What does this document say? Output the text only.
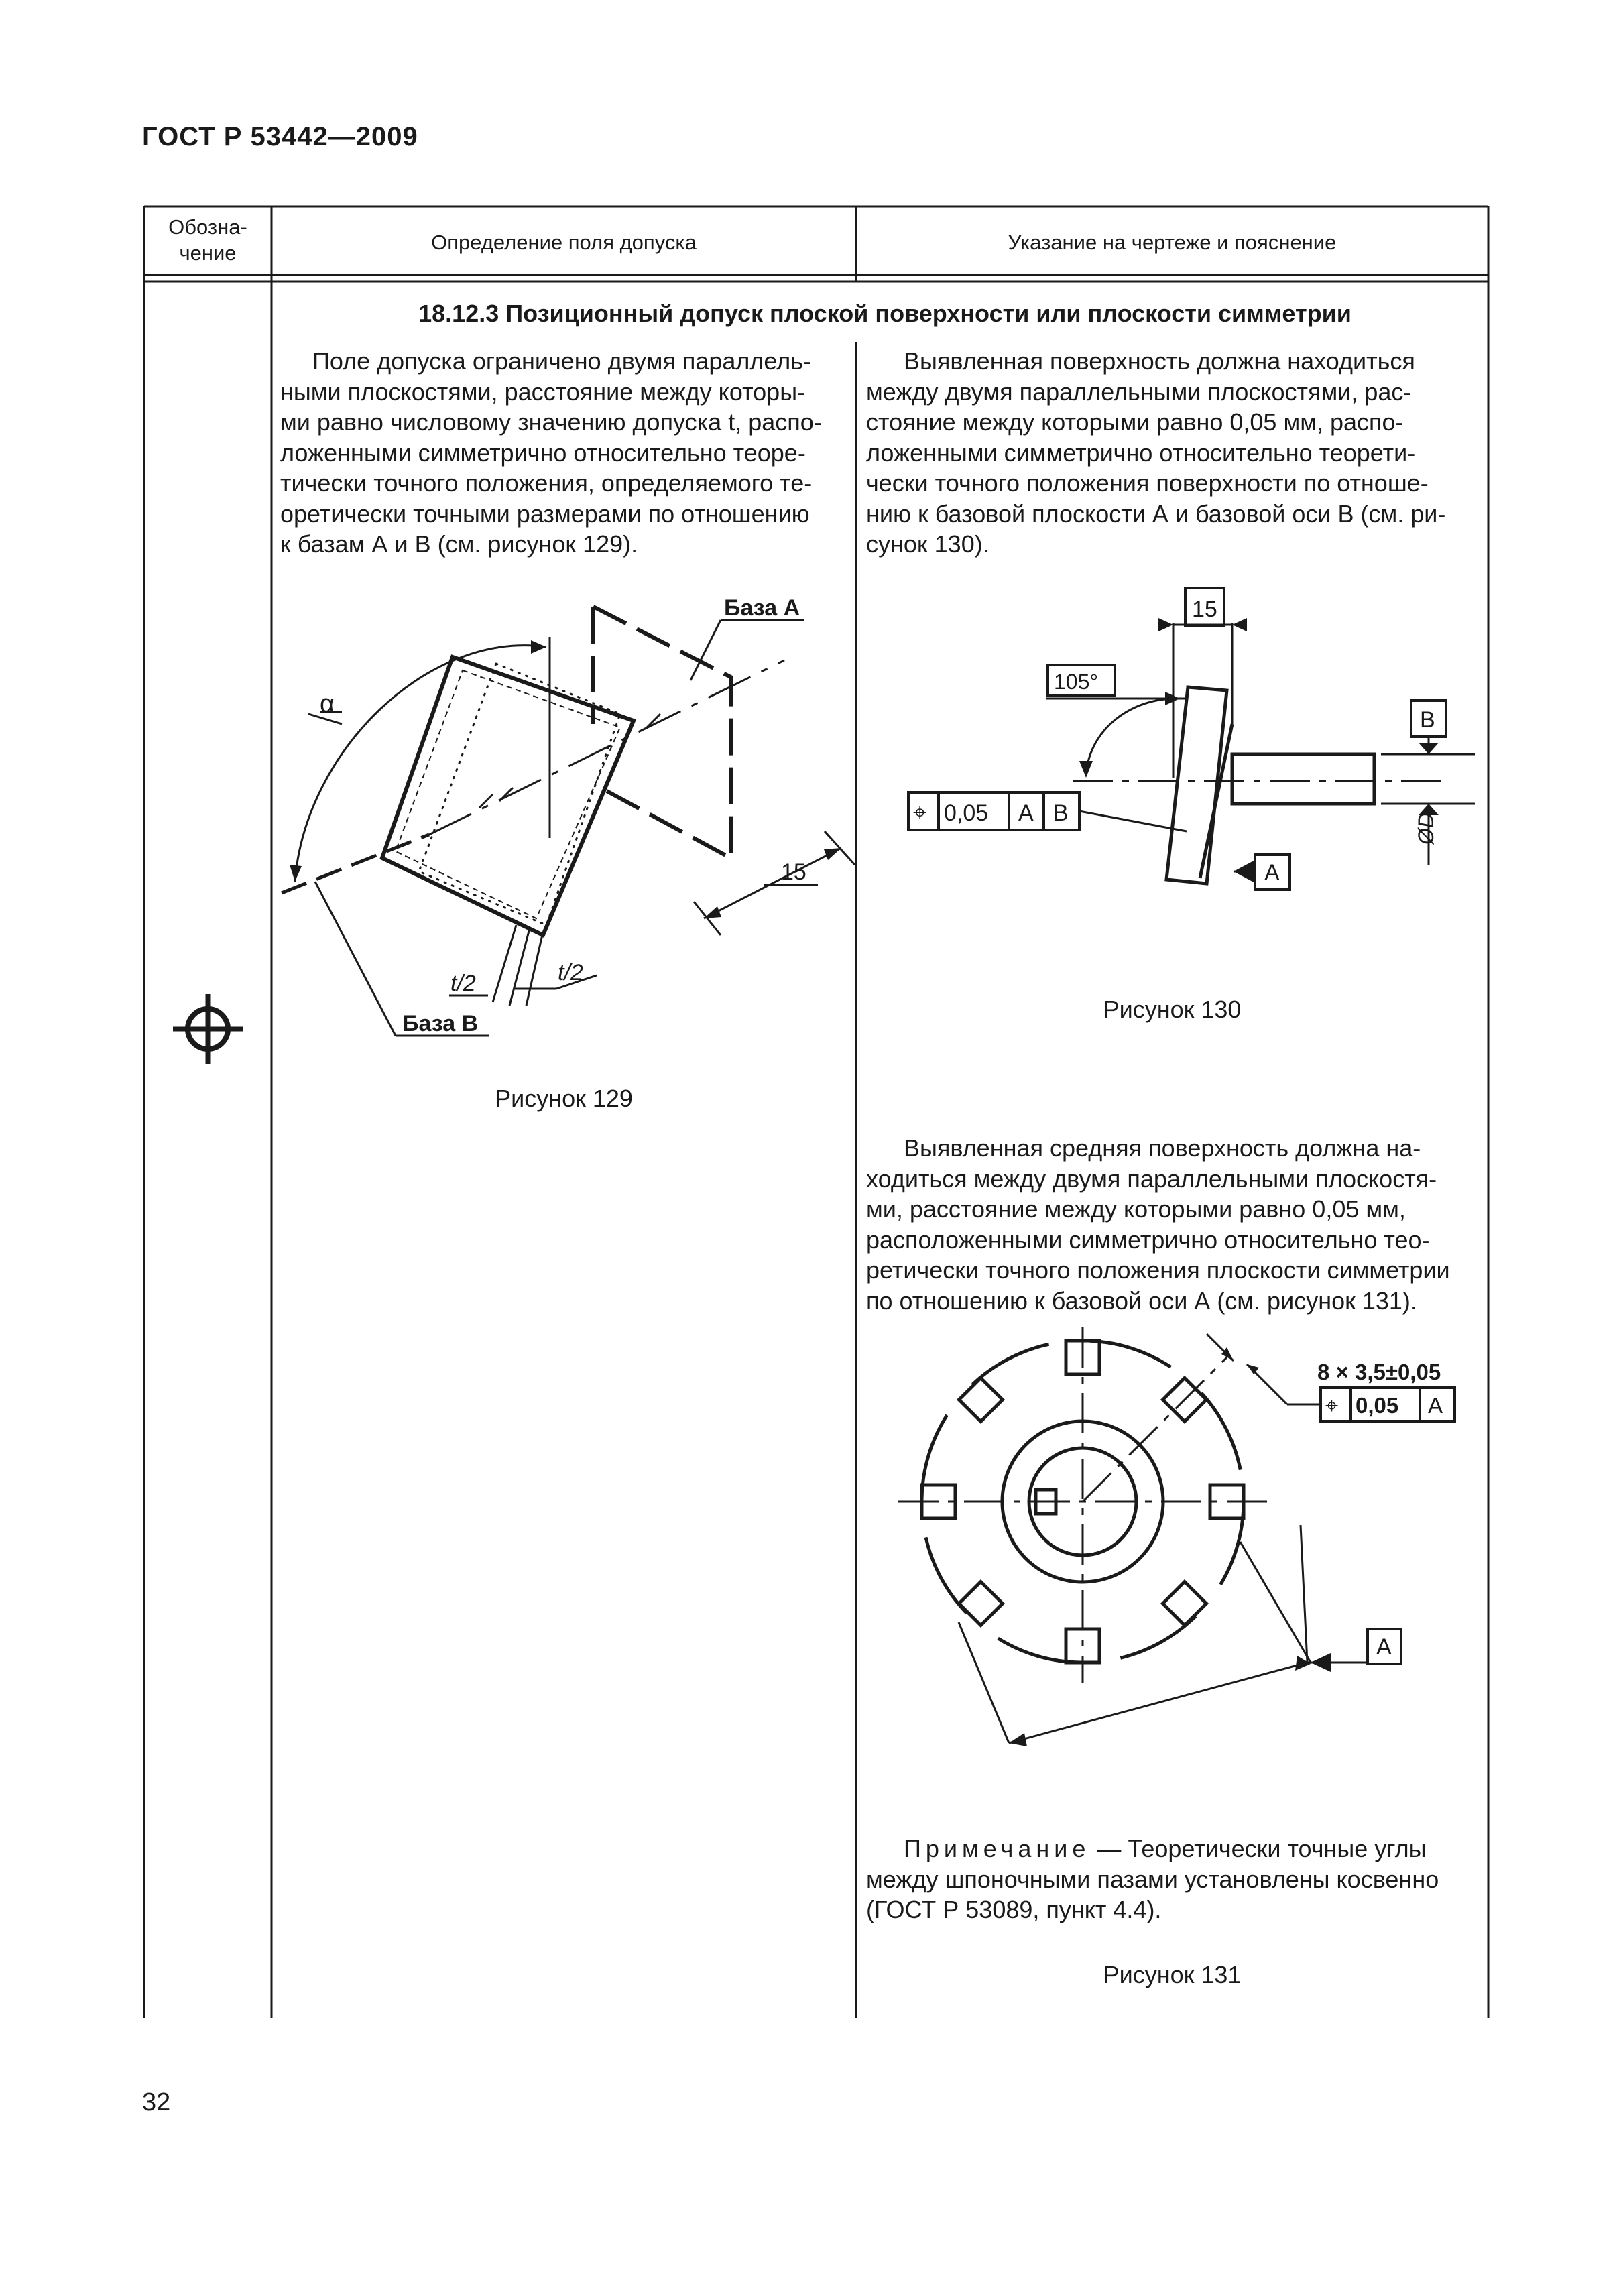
ГОСТ Р 53442—2009
Обозна-
чение	Определение поля допуска	Указание на чертеже и пояснение
18.12.3 Позиционный допуск плоской поверхности или плоскости симметрии
Поле допуска ограничено двумя параллель-
ными плоскостями, расстояние между которы-
ми равно числовому значению допуска t, распо-
ложенными симметрично относительно теоре-
тически точного положения, определяемого те-
оретически точными размерами по отношению
к базам А и В (см. рисунок 129).
Выявленная поверхность должна находиться
между двумя параллельными плоскостями, рас-
стояние между которыми равно 0,05 мм, распо-
ложенными симметрично относительно теорети-
чески точного положения поверхности по отноше-
нию к базовой плоскости А и базовой оси В (см. ри-
сунок 130).
α
База А
База В
15
t/2	t/2
Рисунок 129
15
105°
⌖ 0,05 А В
В
А
ØD
Рисунок 130
Выявленная средняя поверхность должна на-
ходиться между двумя параллельными плоскостя-
ми, расстояние между которыми равно 0,05 мм,
расположенными симметрично относительно тео-
ретически точного положения плоскости симметрии
по отношению к базовой оси А (см. рисунок 131).
8 × 3,5±0,05
⌖ 0,05 А
А
Примечание — Теоретически точные углы
между шпоночными пазами установлены косвенно
(ГОСТ Р 53089, пункт 4.4).
Рисунок 131
32
